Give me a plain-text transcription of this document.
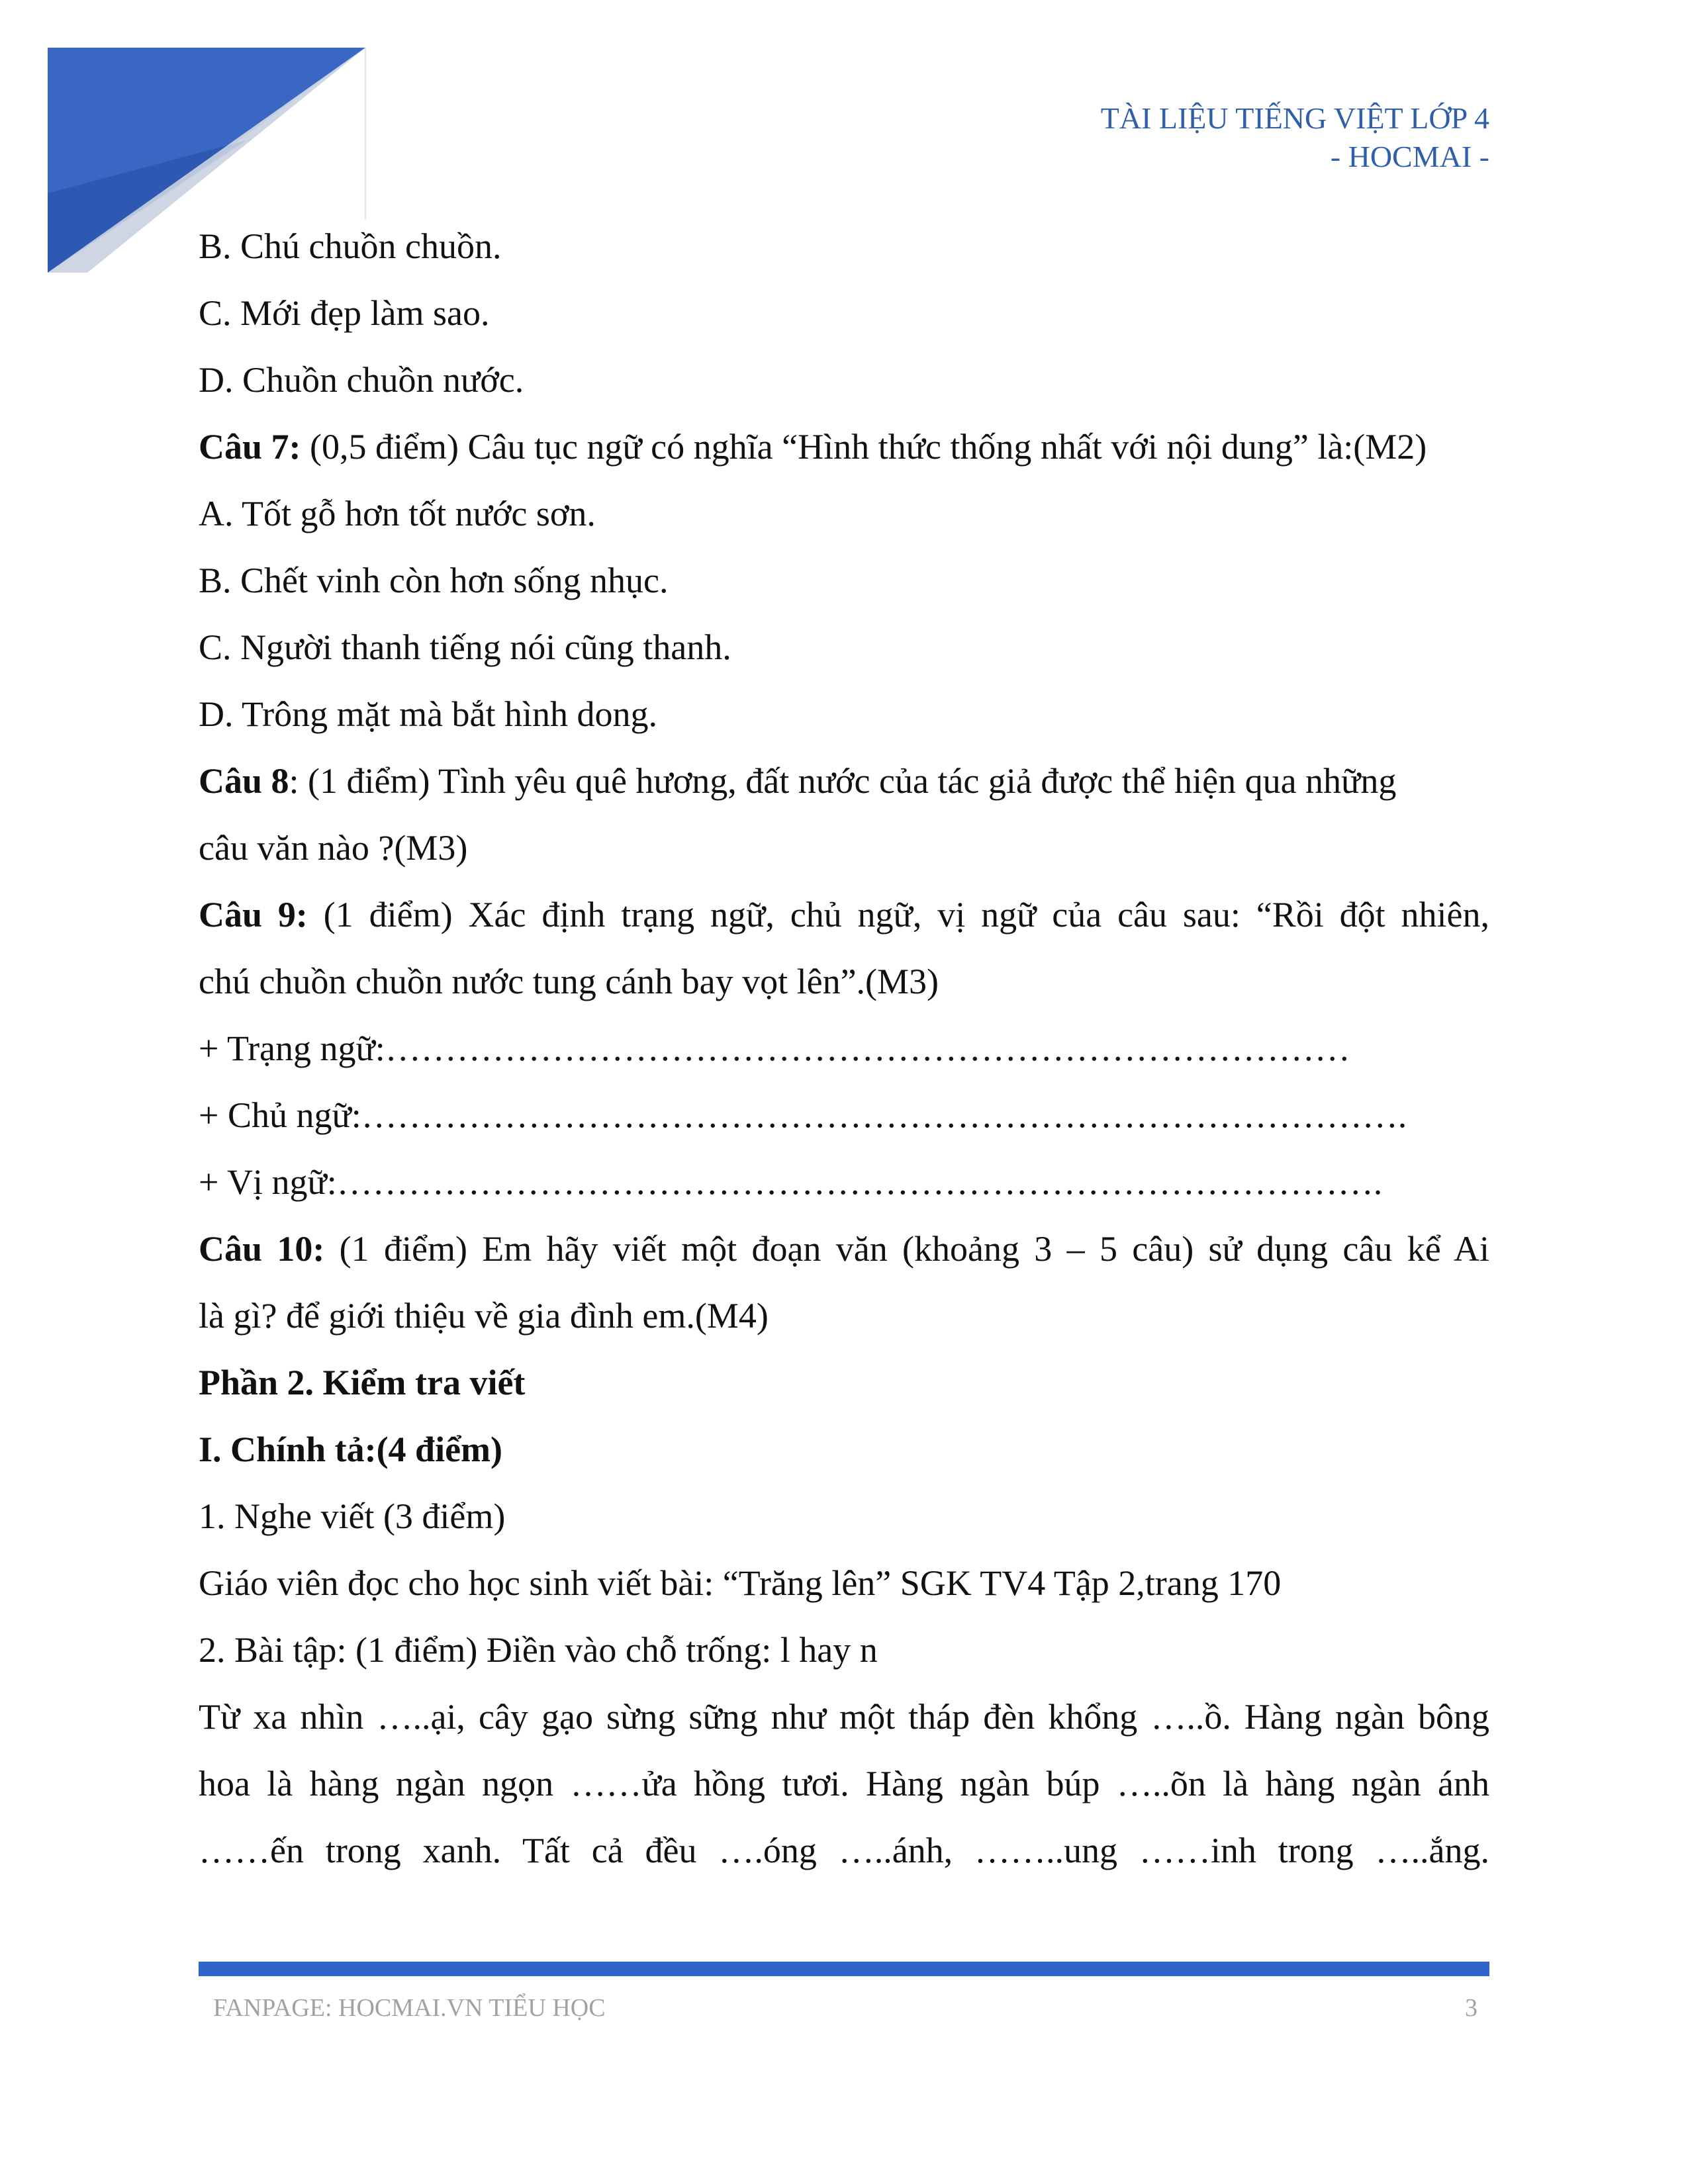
TÀI LIỆU TIẾNG VIỆT LỚP 4
- HOCMAI -
B. Chú chuồn chuồn.
C. Mới đẹp làm sao.
D. Chuồn chuồn nước.
Câu 7: (0,5 điểm) Câu tục ngữ có nghĩa “Hình thức thống nhất với nội dung” là:(M2)
A. Tốt gỗ hơn tốt nước sơn.
B. Chết vinh còn hơn sống nhục.
C. Người thanh tiếng nói cũng thanh.
D. Trông mặt mà bắt hình dong.
Câu 8: (1 điểm) Tình yêu quê hương, đất nước của tác giả được thể hiện qua những
câu văn nào ?(M3)
Câu 9: (1 điểm) Xác định trạng ngữ, chủ ngữ, vị ngữ của câu sau: “Rồi đột nhiên,
chú chuồn chuồn nước tung cánh bay vọt lên”.(M3)
+ Trạng ngữ:………………………………………………………………………
+ Chủ ngữ:…………………………………………………………………………….
+ Vị ngữ:…………………………………………………………………………….
Câu 10: (1 điểm) Em hãy viết một đoạn văn (khoảng 3 – 5 câu) sử dụng câu kể Ai
là gì? để giới thiệu về gia đình em.(M4)
Phần 2. Kiểm tra viết
I. Chính tả:(4 điểm)
1. Nghe viết (3 điểm)
Giáo viên đọc cho học sinh viết bài: “Trăng lên” SGK TV4 Tập 2,trang 170
2. Bài tập: (1 điểm) Điền vào chỗ trống: l hay n
Từ xa nhìn …..ại, cây gạo sừng sững như một tháp đèn khổng …..ồ. Hàng ngàn bông
hoa là hàng ngàn ngọn ……ửa hồng tươi. Hàng ngàn búp …..õn là hàng ngàn ánh
……ến trong xanh. Tất cả đều ….óng …..ánh, ……..ung ……inh trong …..ắng.
FANPAGE: HOCMAI.VN TIỂU HỌC	3
